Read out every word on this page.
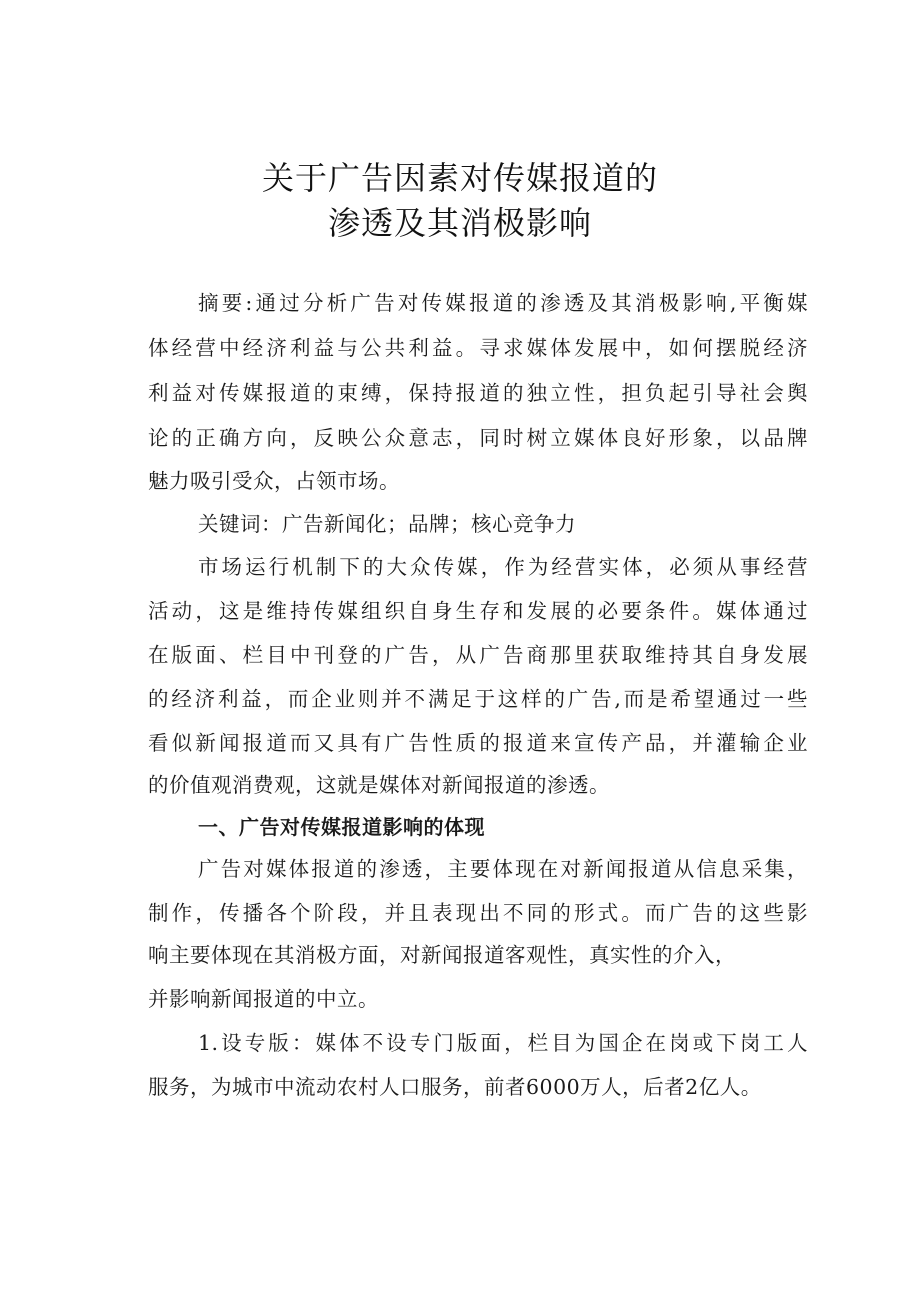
关于广告因素对传媒报道的
渗透及其消极影响
摘要:通过分析广告对传媒报道的渗透及其消极影响,平衡媒
体经营中经济利益与公共利益。寻求媒体发展中，如何摆脱经济
利益对传媒报道的束缚，保持报道的独立性，担负起引导社会舆
论的正确方向，反映公众意志，同时树立媒体良好形象，以品牌
魅力吸引受众，占领市场。
关键词：广告新闻化；品牌；核心竞争力
市场运行机制下的大众传媒，作为经营实体，必须从事经营
活动，这是维持传媒组织自身生存和发展的必要条件。媒体通过
在版面、栏目中刊登的广告，从广告商那里获取维持其自身发展
的经济利益，而企业则并不满足于这样的广告,而是希望通过一些
看似新闻报道而又具有广告性质的报道来宣传产品，并灌输企业
的价值观消费观，这就是媒体对新闻报道的渗透。
一、广告对传媒报道影响的体现
广告对媒体报道的渗透，主要体现在对新闻报道从信息采集，
制作，传播各个阶段，并且表现出不同的形式。而广告的这些影
响主要体现在其消极方面，对新闻报道客观性，真实性的介入，
并影响新闻报道的中立。
1.设专版：媒体不设专门版面，栏目为国企在岗或下岗工人
服务，为城市中流动农村人口服务，前者6000万人，后者2亿人。
